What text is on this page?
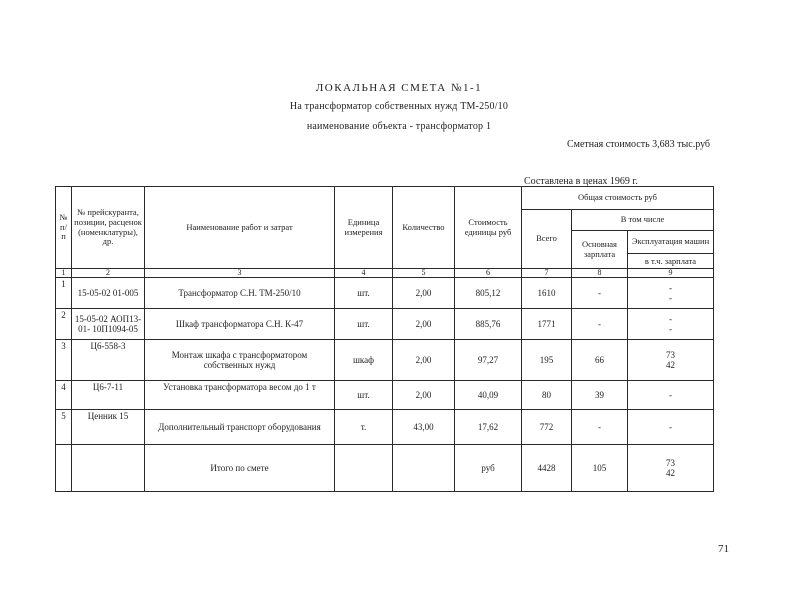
ЛОКАЛЬНАЯ СМЕТА №1-1
На трансформатор собственных нужд ТМ-250/10
наименование объекта - трансформатор 1
Сметная стоимость 3,683 тыс.руб
Составлена в ценах 1969 г.
№ п/п	№ прейскуранта, позиции, расценок (номенклатуры), др.	Наименование работ и затрат	Единица измерения	Количество	Стоимость единицы руб	Общая стоимость руб		
						Всего	В том числе	
							Основная зарплата	Эксплуатация машин
в т.ч. зарплата

1	2	3	4	5	6	7	8	9
1	15-05-02 01-005	Трансформатор С.Н. ТМ-250/10	шт.	2,00	805,12	1610	-	-
-

2	15-05-02 АОП13-01- 10П1094-05	Шкаф трансформатора С.Н. К-47	шт.	2,00	885,76	1771	-	-
-

3	Ц6-558-3	Монтаж шкафа с трансформатором собственных нужд	шкаф	2,00	97,27	195	66	73
42

4	Ц6-7-11	Установка трансформатора весом до 1 т	шт.	2,00	40,09	80	39	-

5	Ценник 15	Дополнительный транспорт оборудования	т.	43,00	17,62	772	-	-

		Итого по смете			руб	4428	105	73
42
71
